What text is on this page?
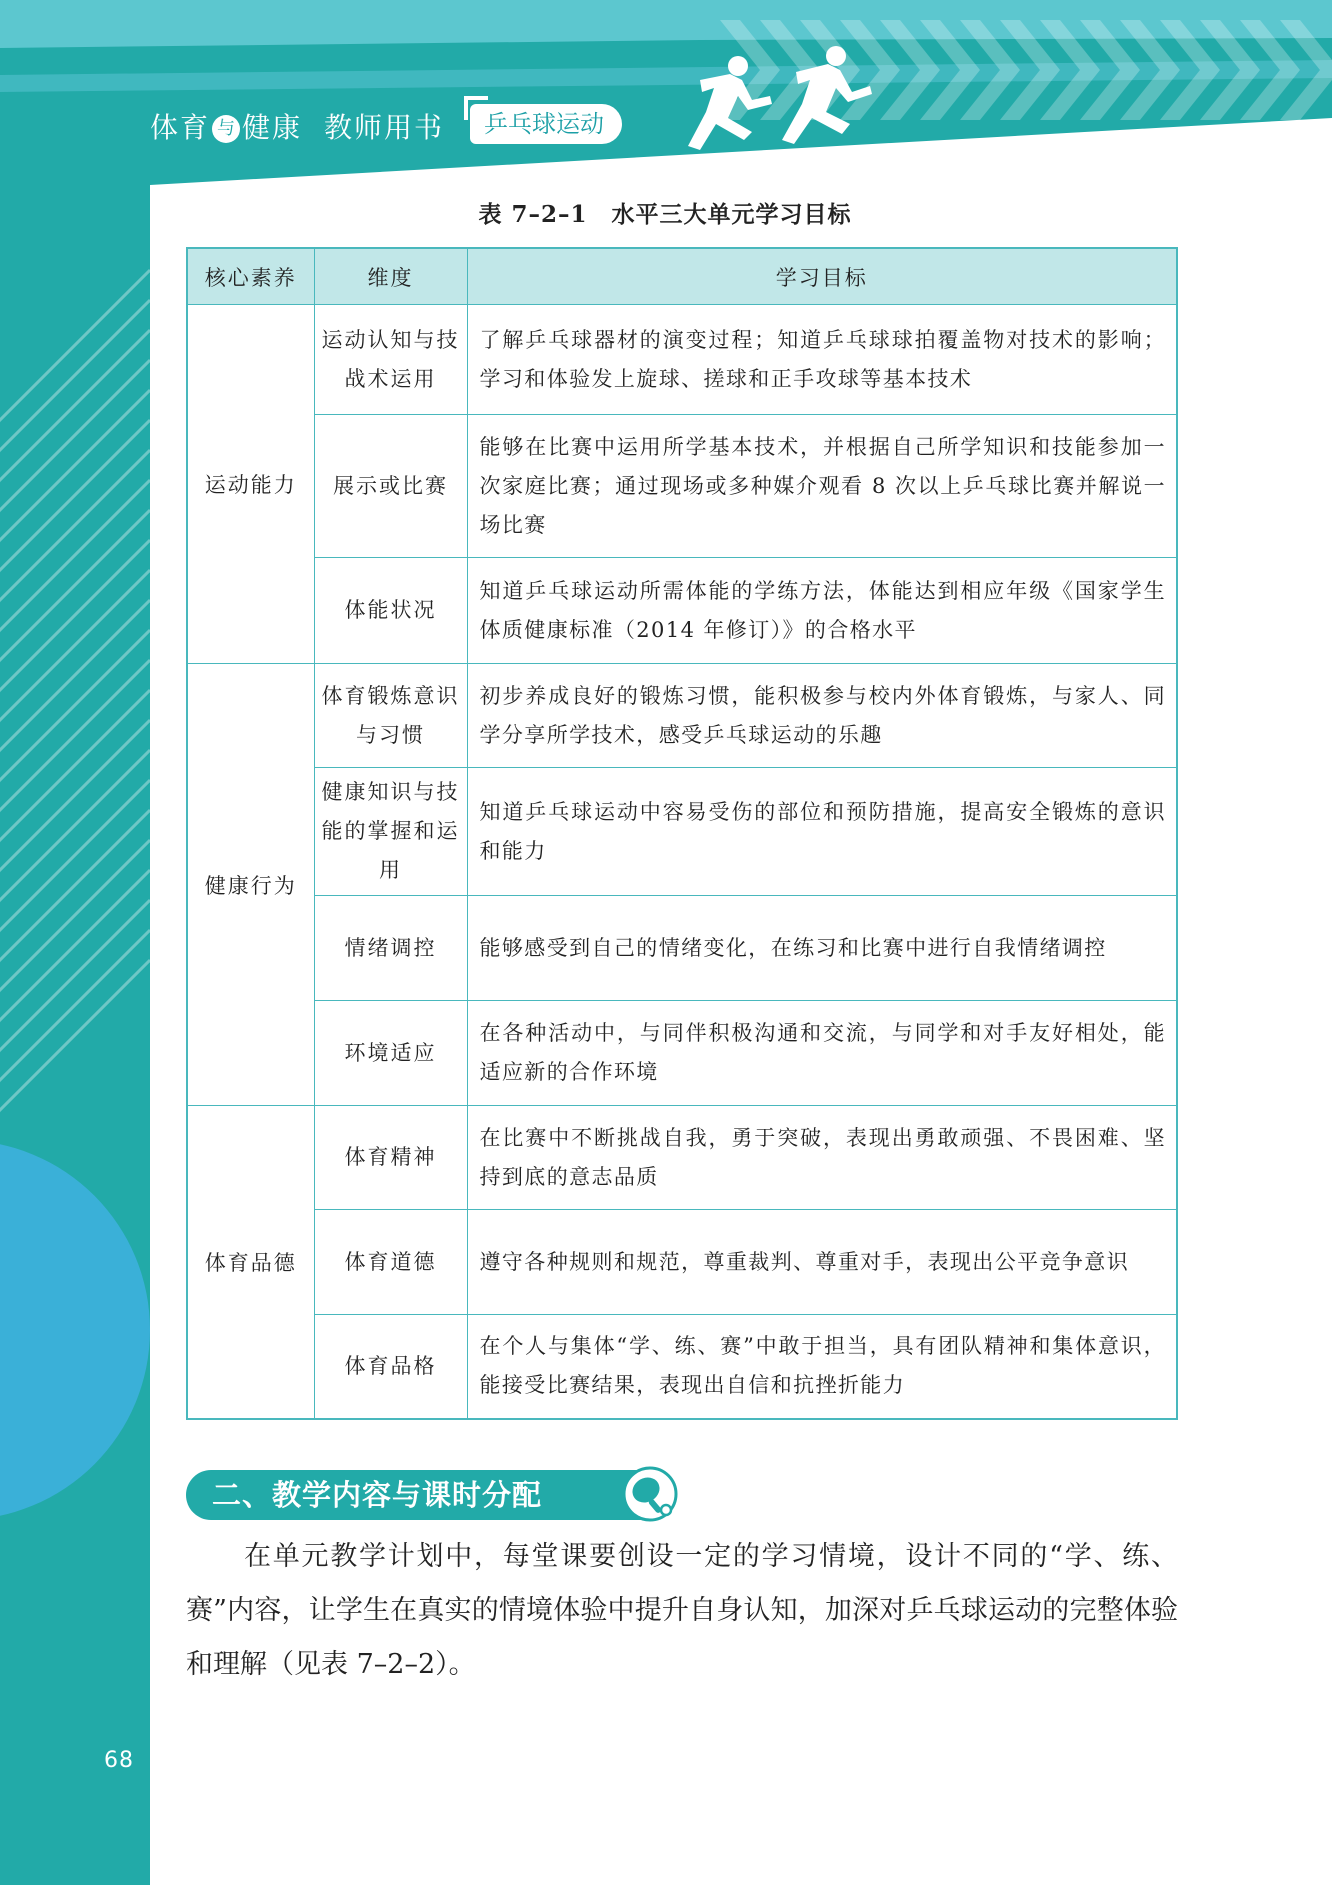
体育 与 健康 教师用书	乒乓球运动
表 7–2–1　水平三大单元学习目标
核心素养	维度	学习目标
运动能力	运动认知与技战术运用	了解乒乓球器材的演变过程；知道乒乓球球拍覆盖物对技术的影响；学习和体验发上旋球、搓球和正手攻球等基本技术
	展示或比赛	能够在比赛中运用所学基本技术，并根据自己所学知识和技能参加一次家庭比赛；通过现场或多种媒介观看 8 次以上乒乓球比赛并解说一场比赛
	体能状况	知道乒乓球运动所需体能的学练方法，体能达到相应年级《国家学生体质健康标准（2014 年修订）》的合格水平
健康行为	体育锻炼意识与习惯	初步养成良好的锻炼习惯，能积极参与校内外体育锻炼，与家人、同学分享所学技术，感受乒乓球运动的乐趣
	健康知识与技能的掌握和运用	知道乒乓球运动中容易受伤的部位和预防措施，提高安全锻炼的意识和能力
	情绪调控	能够感受到自己的情绪变化，在练习和比赛中进行自我情绪调控
	环境适应	在各种活动中，与同伴积极沟通和交流，与同学和对手友好相处，能适应新的合作环境
体育品德	体育精神	在比赛中不断挑战自我，勇于突破，表现出勇敢顽强、不畏困难、坚持到底的意志品质
	体育道德	遵守各种规则和规范，尊重裁判、尊重对手，表现出公平竞争意识
	体育品格	在个人与集体“学、练、赛”中敢于担当，具有团队精神和集体意识，能接受比赛结果，表现出自信和抗挫折能力
二、教学内容与课时分配
在单元教学计划中，每堂课要创设一定的学习情境，设计不同的“学、练、赛”内容，让学生在真实的情境体验中提升自身认知，加深对乒乓球运动的完整体验和理解（见表 7–2–2）。
68
